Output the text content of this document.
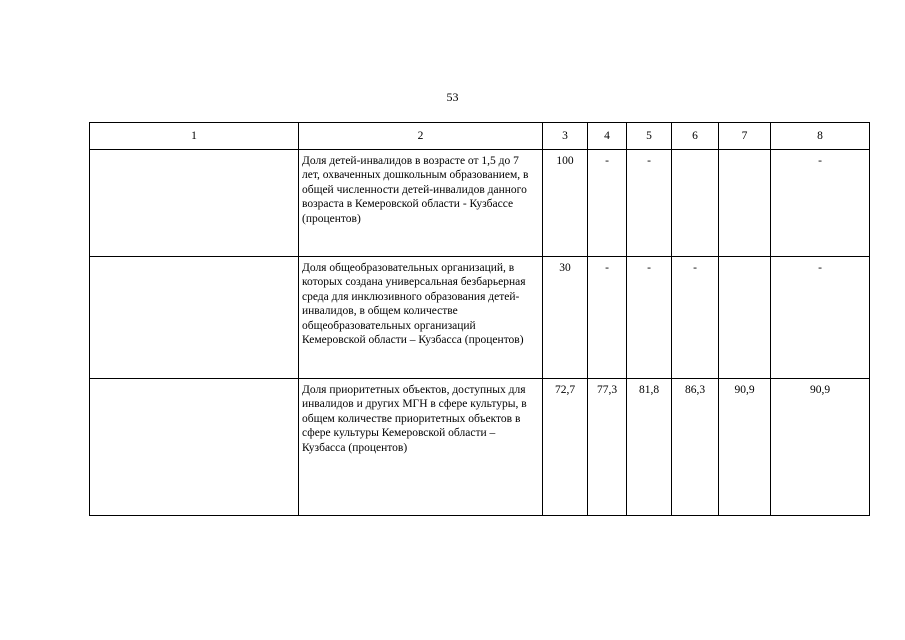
53
1	2	3	4	5	6	7	8
	Доля детей-инвалидов в возрасте от 1,5 до 7 лет, охваченных дошкольным образованием, в общей численности детей-инвалидов данного возраста в Кемеровской области - Кузбассе (процентов)	100	-	-			-
	Доля общеобразовательных организаций, в которых создана универсальная безбарьерная среда для инклюзивного образования детей-инвалидов, в общем количестве общеобразовательных организаций Кемеровской области – Кузбасса (процентов)	30	-	-	-		-
	Доля приоритетных объектов, доступных для инвалидов и других МГН в сфере культуры, в общем количестве приоритетных объектов в сфере культуры Кемеровской области – Кузбасса (процентов)	72,7	77,3	81,8	86,3	90,9	90,9
